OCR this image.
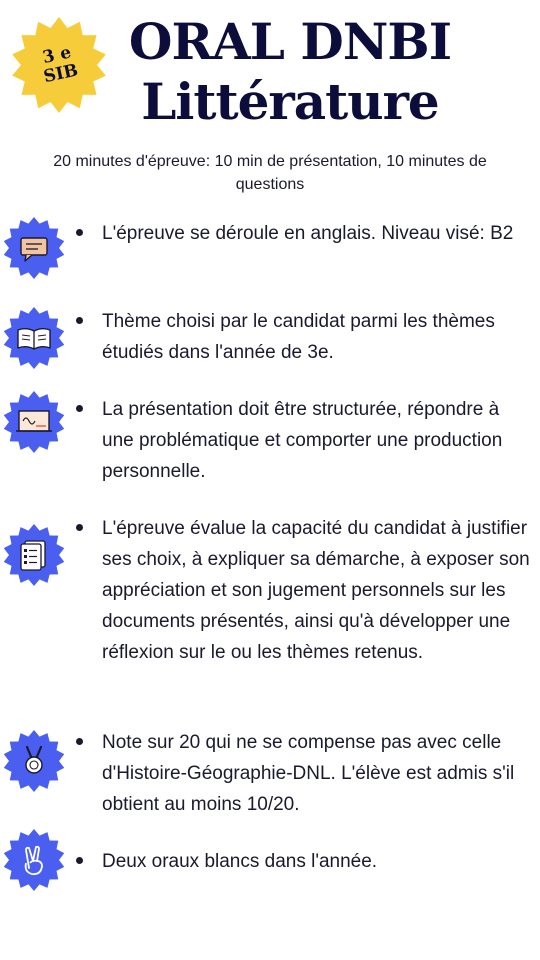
3 e
SIB
ORAL DNBI
Littérature

20 minutes d'épreuve: 10 min de présentation, 10 minutes de questions

L'épreuve se déroule en anglais. Niveau visé: B2

Thème choisi par le candidat parmi les thèmes étudiés dans l'année de 3e.

La présentation doit être structurée, répondre à une problématique et comporter une production personnelle.

L'épreuve évalue la capacité du candidat à justifier ses choix, à expliquer sa démarche, à exposer son appréciation et son jugement personnels sur les documents présentés, ainsi qu'à développer une réflexion sur le ou les thèmes retenus.

Note sur 20 qui ne se compense pas avec celle d'Histoire-Géographie-DNL. L'élève est admis s'il obtient au moins 10/20.

Deux oraux blancs dans l'année.
